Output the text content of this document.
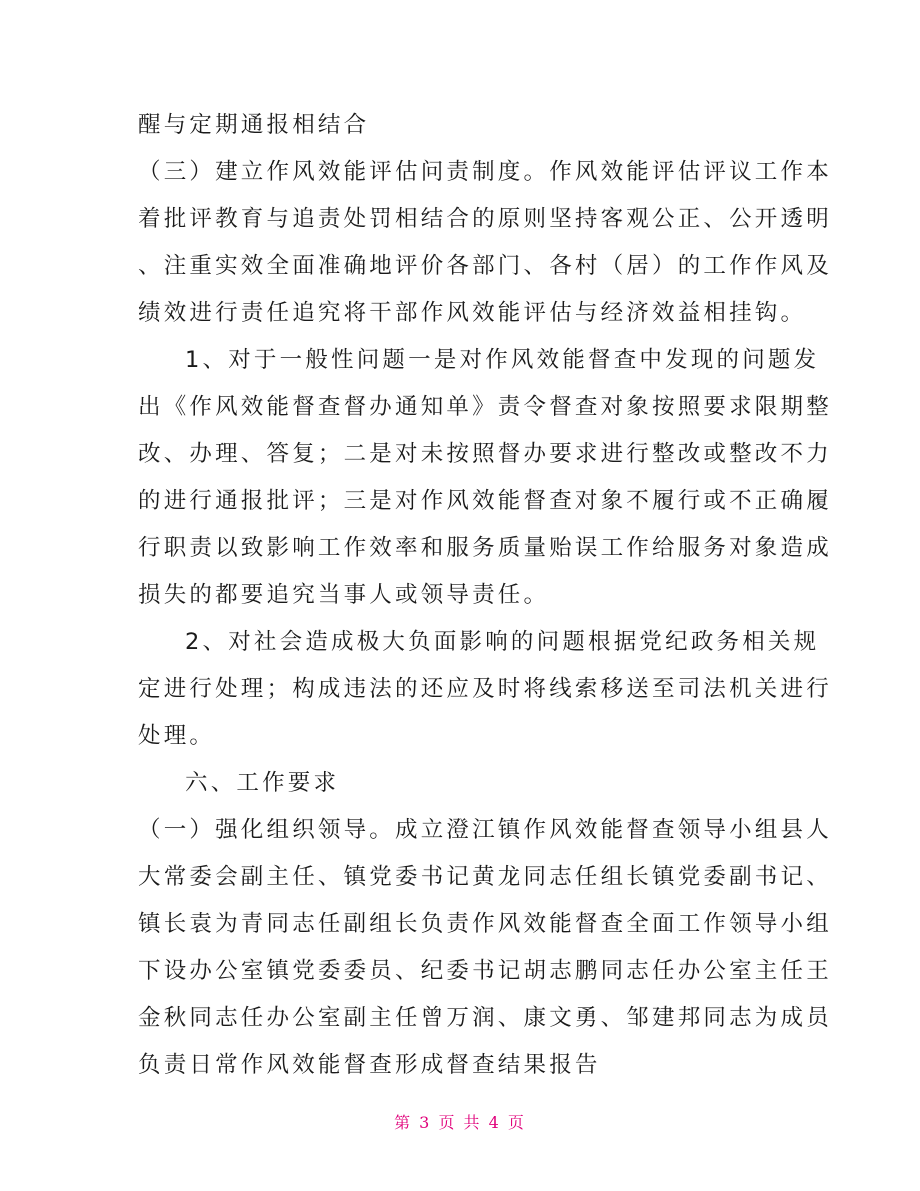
醒与定期通报相结合
（三）建立作风效能评估问责制度。作风效能评估评议工作本
着批评教育与追责处罚相结合的原则坚持客观公正、公开透明
、注重实效全面准确地评价各部门、各村（居）的工作作风及
绩效进行责任追究将干部作风效能评估与经济效益相挂钩。
1、对于一般性问题一是对作风效能督查中发现的问题发
出《作风效能督查督办通知单》责令督查对象按照要求限期整
改、办理、答复；二是对未按照督办要求进行整改或整改不力
的进行通报批评；三是对作风效能督查对象不履行或不正确履
行职责以致影响工作效率和服务质量贻误工作给服务对象造成
损失的都要追究当事人或领导责任。
2、对社会造成极大负面影响的问题根据党纪政务相关规
定进行处理；构成违法的还应及时将线索移送至司法机关进行
处理。
六、工作要求
（一）强化组织领导。成立澄江镇作风效能督查领导小组县人
大常委会副主任、镇党委书记黄龙同志任组长镇党委副书记、
镇长袁为青同志任副组长负责作风效能督查全面工作领导小组
下设办公室镇党委委员、纪委书记胡志鹏同志任办公室主任王
金秋同志任办公室副主任曾万润、康文勇、邹建邦同志为成员
负责日常作风效能督查形成督查结果报告
第 3 页 共 4 页
